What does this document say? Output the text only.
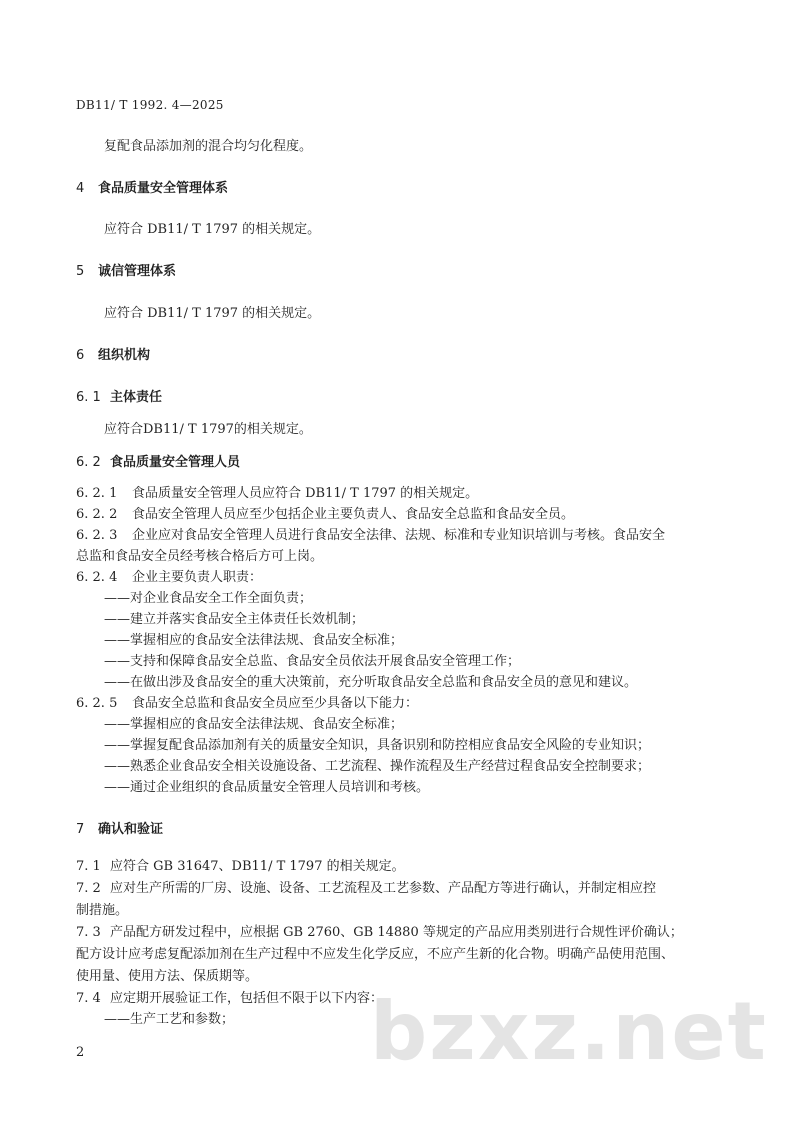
DB11/ T 1992. 4—2025
复配食品添加剂的混合均匀化程度。
4 食品质量安全管理体系
应符合 DB11/ T 1797 的相关规定。
5 诚信管理体系
应符合 DB11/ T 1797 的相关规定。
6 组织机构
6. 1 主体责任
应符合DB11/ T 1797的相关规定。
6. 2 食品质量安全管理人员
6. 2. 1 食品质量安全管理人员应符合 DB11/ T 1797 的相关规定。
6. 2. 2 食品安全管理人员应至少包括企业主要负责人、食品安全总监和食品安全员。
6. 2. 3 企业应对食品安全管理人员进行食品安全法律、法规、标准和专业知识培训与考核。食品安全
总监和食品安全员经考核合格后方可上岗。
6. 2. 4 企业主要负责人职责：
——对企业食品安全工作全面负责；
——建立并落实食品安全主体责任长效机制；
——掌握相应的食品安全法律法规、食品安全标准；
——支持和保障食品安全总监、食品安全员依法开展食品安全管理工作；
——在做出涉及食品安全的重大决策前，充分听取食品安全总监和食品安全员的意见和建议。
6. 2. 5 食品安全总监和食品安全员应至少具备以下能力：
——掌握相应的食品安全法律法规、食品安全标准；
——掌握复配食品添加剂有关的质量安全知识，具备识别和防控相应食品安全风险的专业知识；
——熟悉企业食品安全相关设施设备、工艺流程、操作流程及生产经营过程食品安全控制要求；
——通过企业组织的食品质量安全管理人员培训和考核。
7 确认和验证
7. 1 应符合 GB 31647、DB11/ T 1797 的相关规定。
7. 2 应对生产所需的厂房、设施、设备、工艺流程及工艺参数、产品配方等进行确认，并制定相应控
制措施。
7. 3 产品配方研发过程中，应根据 GB 2760、GB 14880 等规定的产品应用类别进行合规性评价确认；
配方设计应考虑复配添加剂在生产过程中不应发生化学反应，不应产生新的化合物。明确产品使用范围、
使用量、使用方法、保质期等。
7. 4 应定期开展验证工作，包括但不限于以下内容：
——生产工艺和参数； bzxz.net
2
